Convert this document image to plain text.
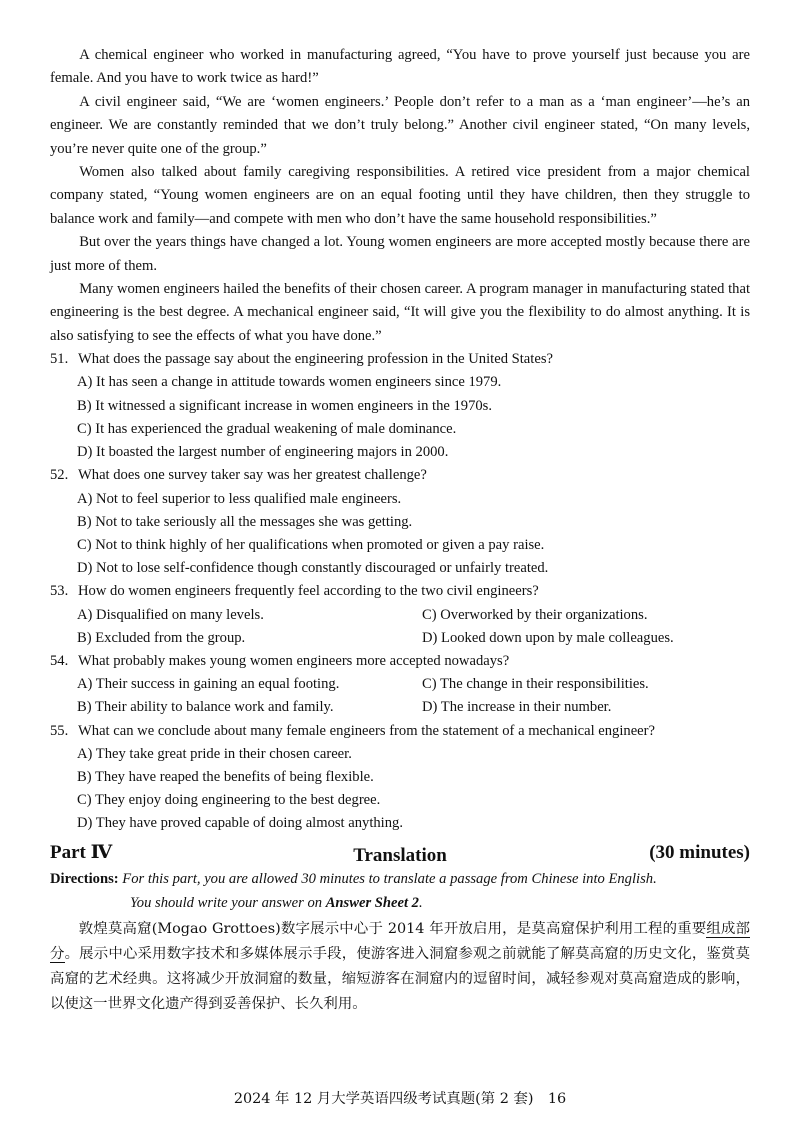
A chemical engineer who worked in manufacturing agreed, “You have to prove yourself just because you are female. And you have to work twice as hard!”

A civil engineer said, “We are ‘women engineers.’ People don’t refer to a man as a ‘man engineer’—he’s an engineer. We are constantly reminded that we don’t truly belong.” Another civil engineer stated, “On many levels, you’re never quite one of the group.”

Women also talked about family caregiving responsibilities. A retired vice president from a major chemical company stated, “Young women engineers are on an equal footing until they have children, then they struggle to balance work and family—and compete with men who don’t have the same household responsibilities.”

But over the years things have changed a lot. Young women engineers are more accepted mostly because there are just more of them.

Many women engineers hailed the benefits of their chosen career. A program manager in manufacturing stated that engineering is the best degree. A mechanical engineer said, “It will give you the flexibility to do almost anything. It is also satisfying to see the effects of what you have done.”

51. What does the passage say about the engineering profession in the United States?
A) It has seen a change in attitude towards women engineers since 1979.
B) It witnessed a significant increase in women engineers in the 1970s.
C) It has experienced the gradual weakening of male dominance.
D) It boasted the largest number of engineering majors in 2000.
52. What does one survey taker say was her greatest challenge?
A) Not to feel superior to less qualified male engineers.
B) Not to take seriously all the messages she was getting.
C) Not to think highly of her qualifications when promoted or given a pay raise.
D) Not to lose self-confidence though constantly discouraged or unfairly treated.
53. How do women engineers frequently feel according to the two civil engineers?
A) Disqualified on many levels.	C) Overworked by their organizations.
B) Excluded from the group.	D) Looked down upon by male colleagues.
54. What probably makes young women engineers more accepted nowadays?
A) Their success in gaining an equal footing.	C) The change in their responsibilities.
B) Their ability to balance work and family.	D) The increase in their number.
55. What can we conclude about many female engineers from the statement of a mechanical engineer?
A) They take great pride in their chosen career.
B) They have reaped the benefits of being flexible.
C) They enjoy doing engineering to the best degree.
D) They have proved capable of doing almost anything.
Part Ⅳ	(30 minutes)
Translation
Directions: For this part, you are allowed 30 minutes to translate a passage from Chinese into English.
You should write your answer on Answer Sheet 2.

敦煌莫高窟(Mogao Grottoes)数字展示中心于 2014 年开放启用，是莫高窟保护利用工程的重要组成部分。展示中心采用数字技术和多媒体展示手段，使游客进入洞窟参观之前就能了解莫高窟的历史文化，鉴赏莫高窟的艺术经典。这将减少开放洞窟的数量，缩短游客在洞窟内的逗留时间，减轻参观对莫高窟造成的影响，以使这一世界文化遗产得到妥善保护、长久利用。

2024 年 12 月大学英语四级考试真题(第 2 套)　16
